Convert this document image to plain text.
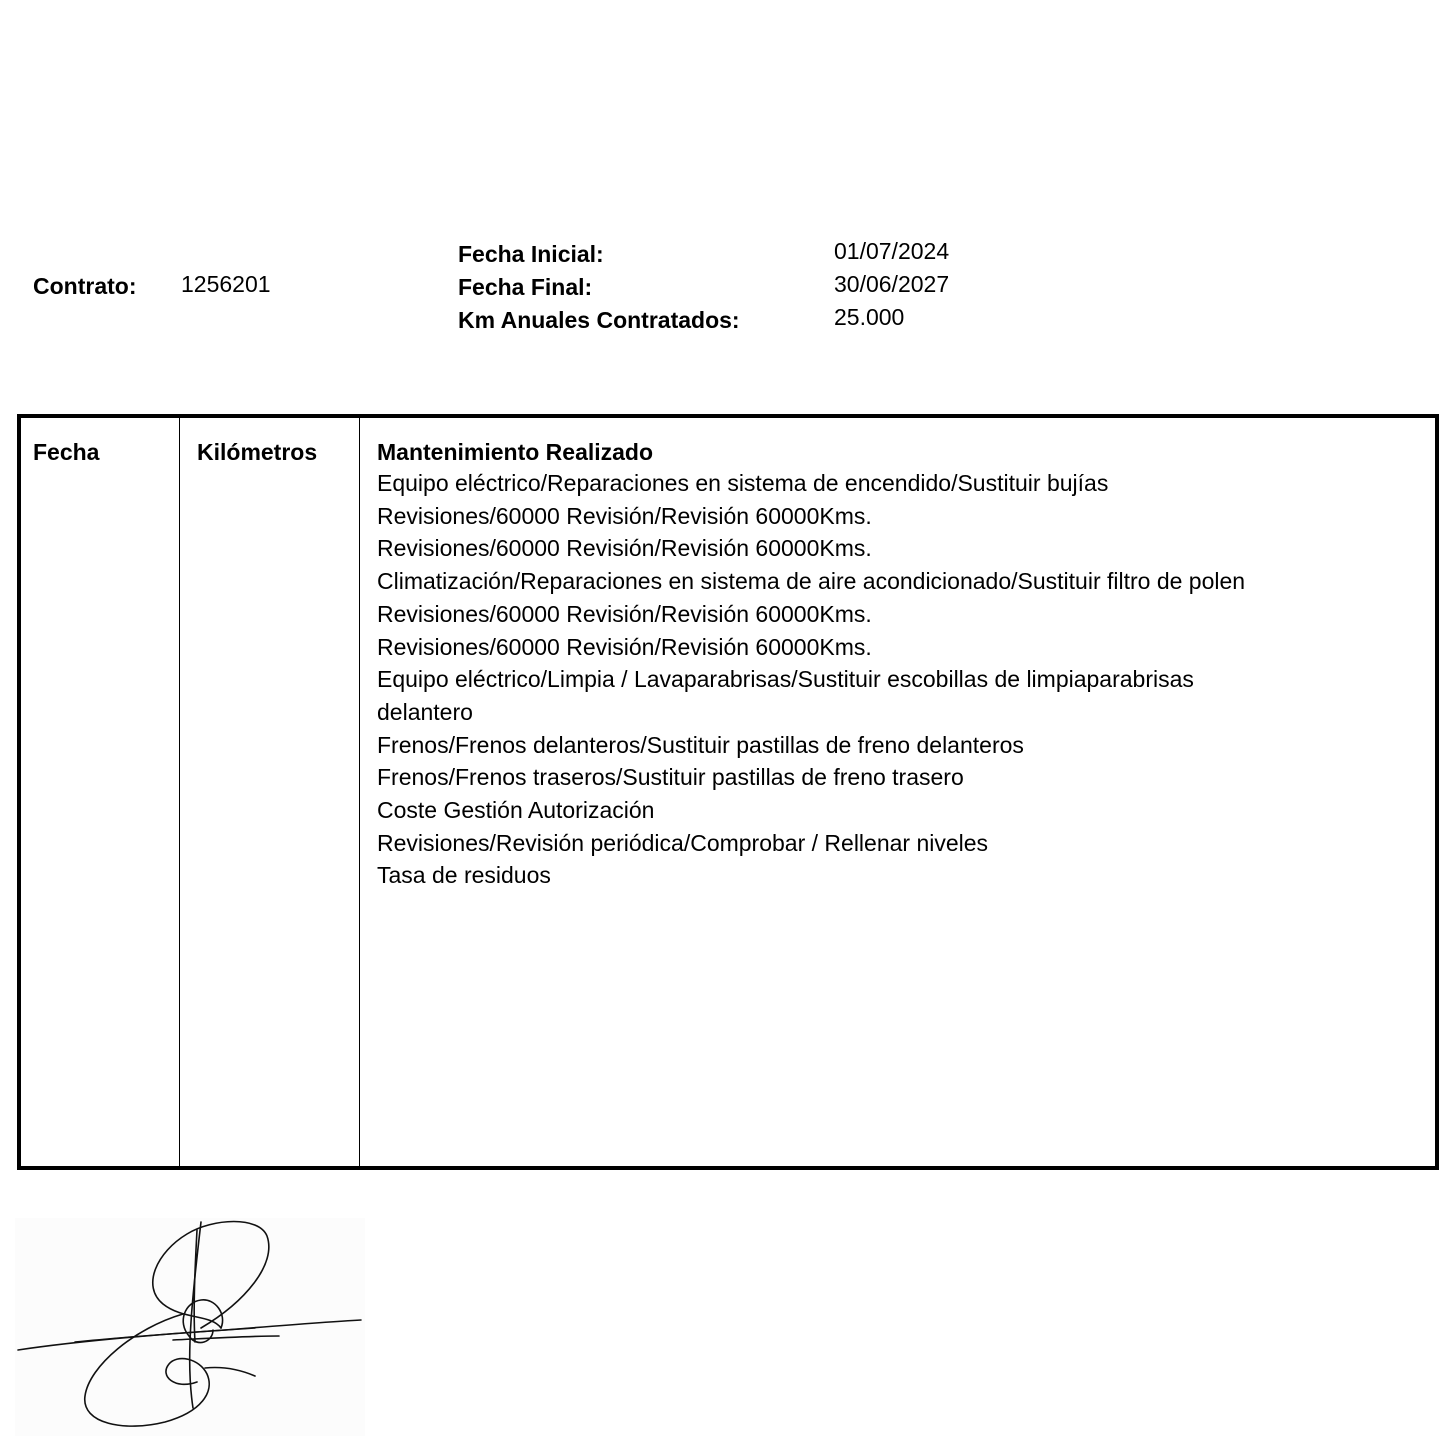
Contrato: 1256201
Fecha Inicial:	01/07/2024
Fecha Final:	30/06/2027
Km Anuales Contratados:	25.000
Fecha	Kilómetros	Mantenimiento Realizado
Equipo eléctrico/Reparaciones en sistema de encendido/Sustituir bujías
Revisiones/60000 Revisión/Revisión 60000Kms.
Revisiones/60000 Revisión/Revisión 60000Kms.
Climatización/Reparaciones en sistema de aire acondicionado/Sustituir filtro de polen
Revisiones/60000 Revisión/Revisión 60000Kms.
Revisiones/60000 Revisión/Revisión 60000Kms.
Equipo eléctrico/Limpia / Lavaparabrisas/Sustituir escobillas de limpiaparabrisas delantero
Frenos/Frenos delanteros/Sustituir pastillas de freno delanteros
Frenos/Frenos traseros/Sustituir pastillas de freno trasero
Coste Gestión Autorización
Revisiones/Revisión periódica/Comprobar / Rellenar niveles
Tasa de residuos
